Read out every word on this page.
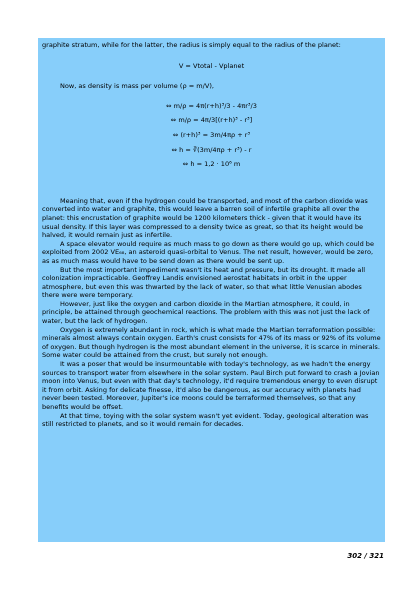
graphite stratum, while for the latter, the radius is simply equal to the radius of the planet:

V = Vtotal - Vplanet

Now, as density is mass per volume (ρ = m/V),

⇔ m/ρ = 4π(r+h)³/3 - 4πr³/3

⇔ m/ρ = 4π/3[(r+h)³ - r³]

⇔ (r+h)³ = 3m/4πρ + r³

⇔ h = ∛(3m/4πρ + r³) - r

⇔ h = 1,2 · 10⁶ m

Meaning that, even if the hydrogen could be transported, and most of the carbon dioxide was converted into water and graphite, this would leave a barren soil of infertile graphite all over the planet: this encrustation of graphite would be 1200 kilometers thick - given that it would have its usual density. If this layer was compressed to a density twice as great, so that its height would be halved, it would remain just as infertile.

A space elevator would require as much mass to go down as there would go up, which could be exploited from 2002 VE₆₈, an asteroid quasi-orbital to Venus. The net result, however, would be zero, as as much mass would have to be send down as there would be sent up.

But the most important impediment wasn't its heat and pressure, but its drought. It made all colonization impracticable. Geoffrey Landis envisioned aerostat habitats in orbit in the upper atmosphere, but even this was thwarted by the lack of water, so that what little Venusian abodes there were were temporary.

However, just like the oxygen and carbon dioxide in the Martian atmosphere, it could, in principle, be attained through geochemical reactions. The problem with this was not just the lack of water, but the lack of hydrogen.

Oxygen is extremely abundant in rock, which is what made the Martian terraformation possible: minerals almost always contain oxygen. Earth's crust consists for 47% of its mass or 92% of its volume of oxygen. But though hydrogen is the most abundant element in the universe, it is scarce in minerals. Some water could be attained from the crust, but surely not enough.

It was a poser that would be insurmountable with today's technology, as we hadn't the energy sources to transport water from elsewhere in the solar system. Paul Birch put forward to crash a Jovian moon into Venus, but even with that day's technology, it'd require tremendous energy to even disrupt it from orbit. Asking for delicate finesse, it'd also be dangerous, as our accuracy with planets had never been tested. Moreover, Jupiter's ice moons could be terraformed themselves, so that any benefits would be offset.

At that time, toying with the solar system wasn't yet evident. Today, geological alteration was still restricted to planets, and so it would remain for decades.

302 / 321
